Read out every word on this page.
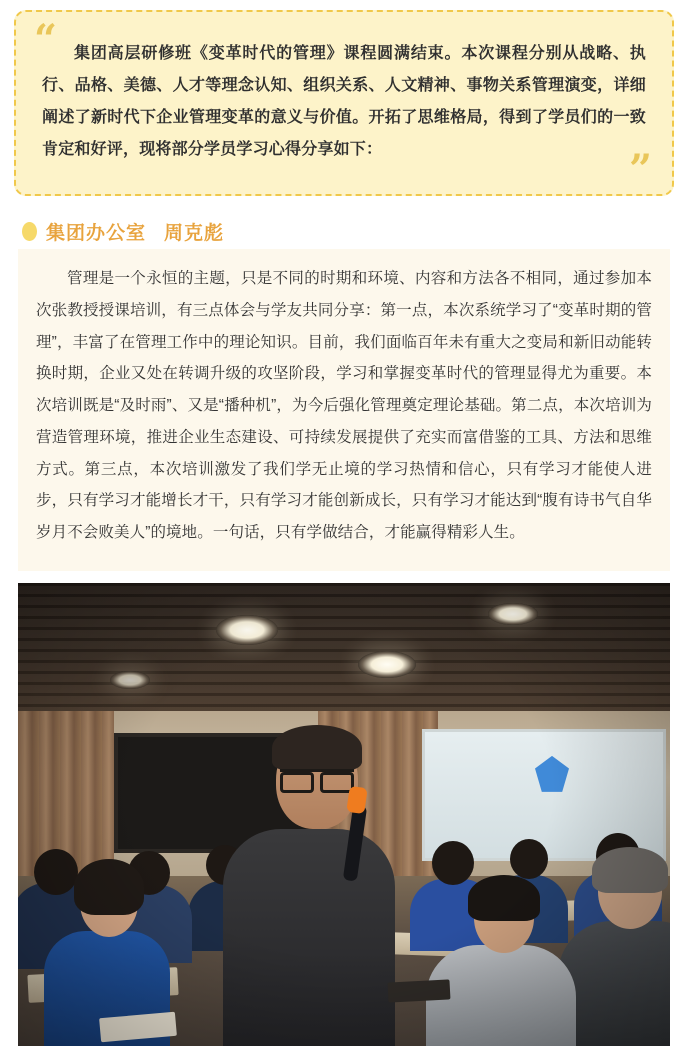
“	集团高层研修班《变革时代的管理》课程圆满结束。本次课程分别从战略、执行、品格、美德、人才等理念认知、组织关系、人文精神、事物关系管理演变，详细阐述了新时代下企业管理变革的意义与价值。开拓了思维格局，得到了学员们的一致肯定和好评，现将部分学员学习心得分享如下：	”
集团办公室 周克彪

管理是一个永恒的主题，只是不同的时期和环境、内容和方法各不相同，通过参加本次张教授授课培训，有三点体会与学友共同分享：第一点，本次系统学习了“变革时期的管理”，丰富了在管理工作中的理论知识。目前，我们面临百年未有重大之变局和新旧动能转换时期，企业又处在转调升级的攻坚阶段，学习和掌握变革时代的管理显得尤为重要。本次培训既是“及时雨”、又是“播种机”，为今后强化管理奠定理论基础。第二点，本次培训为营造管理环境，推进企业生态建设、可持续发展提供了充实而富借鉴的工具、方法和思维方式。第三点，本次培训激发了我们学无止境的学习热情和信心，只有学习才能使人进步，只有学习才能增长才干，只有学习才能创新成长，只有学习才能达到“腹有诗书气自华 岁月不会败美人”的境地。一句话，只有学做结合，才能赢得精彩人生。
